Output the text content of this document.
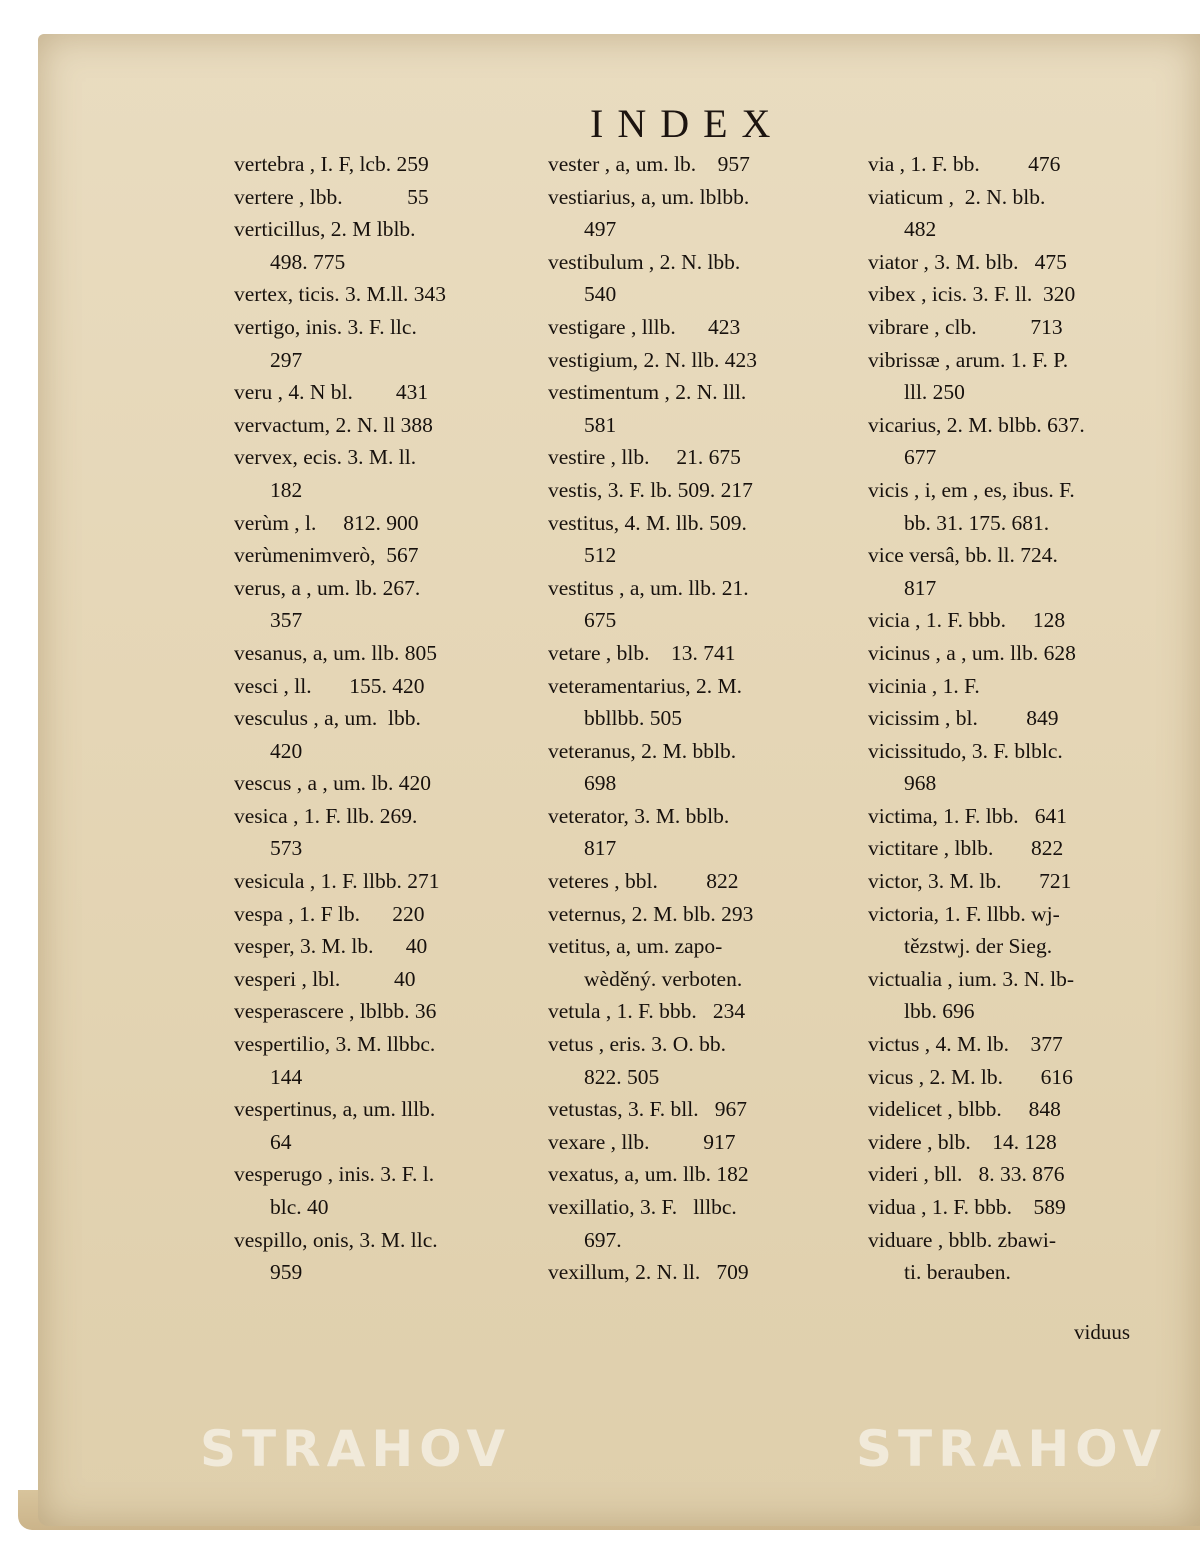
INDEX

vertebra , I. F, lcb. 259

vertere , lbb.            55

verticillus, 2. M lblb.

498. 775

vertex, ticis. 3. M.ll. 343

vertigo, inis. 3. F. llc.

297

veru , 4. N bl.        431

vervactum, 2. N. ll 388

vervex, ecis. 3. M. ll.

182

verùm , l.     812. 900

verùmenimverò,  567

verus, a , um. lb. 267.

357

vesanus, a, um. llb. 805

vesci , ll.       155. 420

vesculus , a, um.  lbb.

420

vescus , a , um. lb. 420

vesica , 1. F. llb. 269.

573

vesicula , 1. F. llbb. 271

vespa , 1. F lb.      220

vesper, 3. M. lb.      40

vesperi , lbl.          40

vesperascere , lblbb. 36

vespertilio, 3. M. llbbc.

144

vespertinus, a, um. lllb.

64

vesperugo , inis. 3. F. l.

blc. 40

vespillo, onis, 3. M. llc.

959

vester , a, um. lb.    957

vestiarius, a, um. lblbb.

497

vestibulum , 2. N. lbb.

540

vestigare , lllb.      423

vestigium, 2. N. llb. 423

vestimentum , 2. N. lll.

581

vestire , llb.     21. 675

vestis, 3. F. lb. 509. 217

vestitus, 4. M. llb. 509.

512

vestitus , a, um. llb. 21.

675

vetare , blb.    13. 741

veteramentarius, 2. M.

bbllbb. 505

veteranus, 2. M. bblb.

698

veterator, 3. M. bblb.

817

veteres , bbl.         822

veternus, 2. M. blb. 293

vetitus, a, um. zapo-

wèděný. verboten.

vetula , 1. F. bbb.   234

vetus , eris. 3. O. bb.

822. 505

vetustas, 3. F. bll.   967

vexare , llb.          917

vexatus, a, um. llb. 182

vexillatio, 3. F.   lllbc.

697.

vexillum, 2. N. ll.   709

via , 1. F. bb.         476

viaticum ,  2. N. blb.

482

viator , 3. M. blb.   475

vibex , icis. 3. F. ll.  320

vibrare , clb.          713

vibrissæ , arum. 1. F. P.

lll. 250

vicarius, 2. M. blbb. 637.

677

vicis , i, em , es, ibus. F.

bb. 31. 175. 681.

vice versâ, bb. ll. 724.

817

vicia , 1. F. bbb.     128

vicinus , a , um. llb. 628

vicinia , 1. F.

vicissim , bl.         849

vicissitudo, 3. F. blblc.

968

victima, 1. F. lbb.   641

victitare , lblb.       822

victor, 3. M. lb.       721

victoria, 1. F. llbb. wj-

tězstwj. der Sieg.

victualia , ium. 3. N. lb-

lbb. 696

victus , 4. M. lb.    377

vicus , 2. M. lb.       616

videlicet , blbb.     848

videre , blb.    14. 128

videri , bll.   8. 33. 876

vidua , 1. F. bbb.    589

viduare , bblb. zbawi-

ti. berauben.

viduus
STRAHOV	STRAHOV
